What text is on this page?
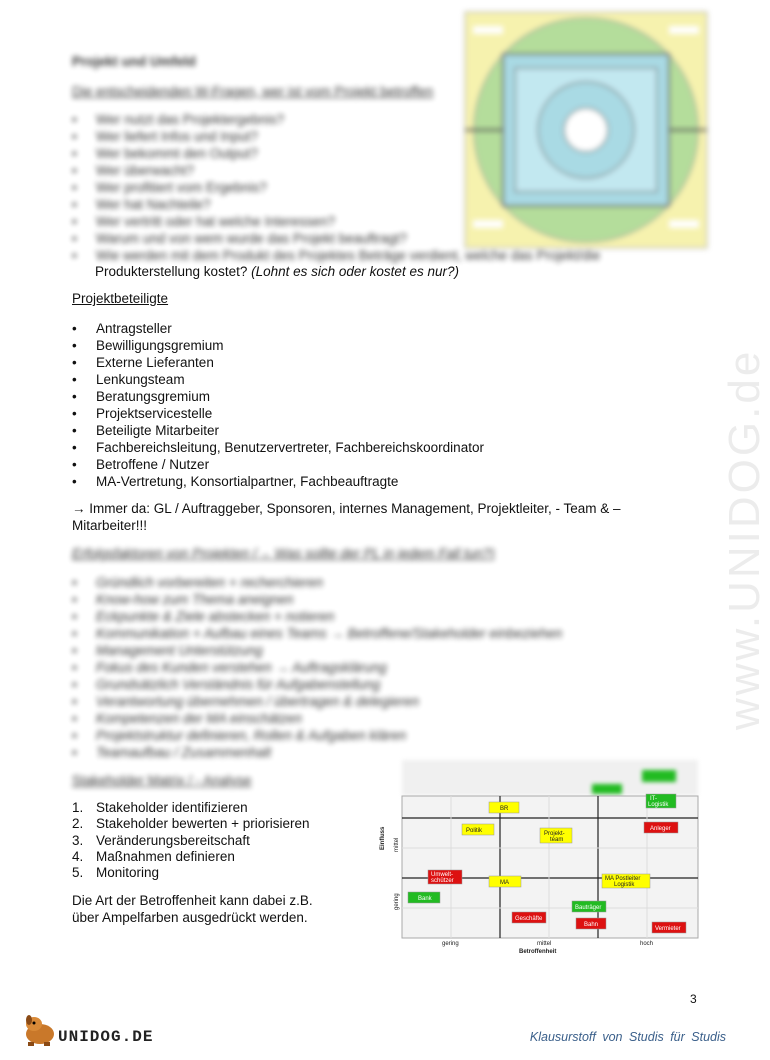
www.UNIDOG.de
Projekt und Umfeld
Die entscheidenden W-Fragen, wer ist vom Projekt betroffen
• Wer nutzt das Projektergebnis?
• Wer liefert Infos und Input?
• Wer bekommt den Output?
• Wer überwacht?
• Wer profitiert vom Ergebnis?
• Wer hat Nachteile?
• Wer vertritt oder hat welche Interessen?
• Warum und von wem wurde das Projekt beauftragt?
• Wie werden mit dem Produkt des Projektes Beträge verdient, welche das Projekt/die
Produkterstellung kostet? (Lohnt es sich oder kostet es nur?)
Projektbeteiligte
• Antragsteller
• Bewilligungsgremium
• Externe Lieferanten
• Lenkungsteam
• Beratungsgremium
• Projektservicestelle
• Beteiligte Mitarbeiter
• Fachbereichsleitung, Benutzervertreter, Fachbereichskoordinator
• Betroffene / Nutzer
• MA-Vertretung, Konsortialpartner, Fachbeauftragte
→ Immer da: GL / Auftraggeber, Sponsoren, internes Management, Projektleiter, - Team & –
Mitarbeiter!!!
Erfolgsfaktoren von Projekten (→ Was sollte der PL in jedem Fall tun?)
• Gründlich vorbereiten + recherchieren
• Know-how zum Thema aneignen
• Eckpunkte & Ziele abstecken + notieren
• Kommunikation + Aufbau eines Teams → Betroffene/Stakeholder einbeziehen
• Management Unterstützung
• Fokus des Kunden verstehen → Auftragsklärung
• Grundsätzlich Verständnis für Aufgabenstellung
• Verantwortung übernehmen / übertragen & delegieren
• Kompetenzen der MA einschätzen
• Projektstruktur definieren, Rollen & Aufgaben klären
• Teamaufbau / Zusammenhalt
Stakeholder Matrix / - Analyse
1. Stakeholder identifizieren
2. Stakeholder bewerten + priorisieren
3. Veränderungsbereitschaft
4. Maßnahmen definieren
5. Monitoring
Die Art der Betroffenheit kann dabei z.B.
über Ampelfarben ausgedrückt werden.
Einfluss
gering
mittel
gering	mittel	hoch
Betroffenheit
BR
Politik	Projekt-
team
Anleger
IT-
Logistik
Umwelt-
schützer	MA
MA Postleiter
Logistik
Bank
Geschäfte
Bauträger
Bahn
Vermieter
3
UNIDOG.DE	Klausurstoff von Studis für Studis
